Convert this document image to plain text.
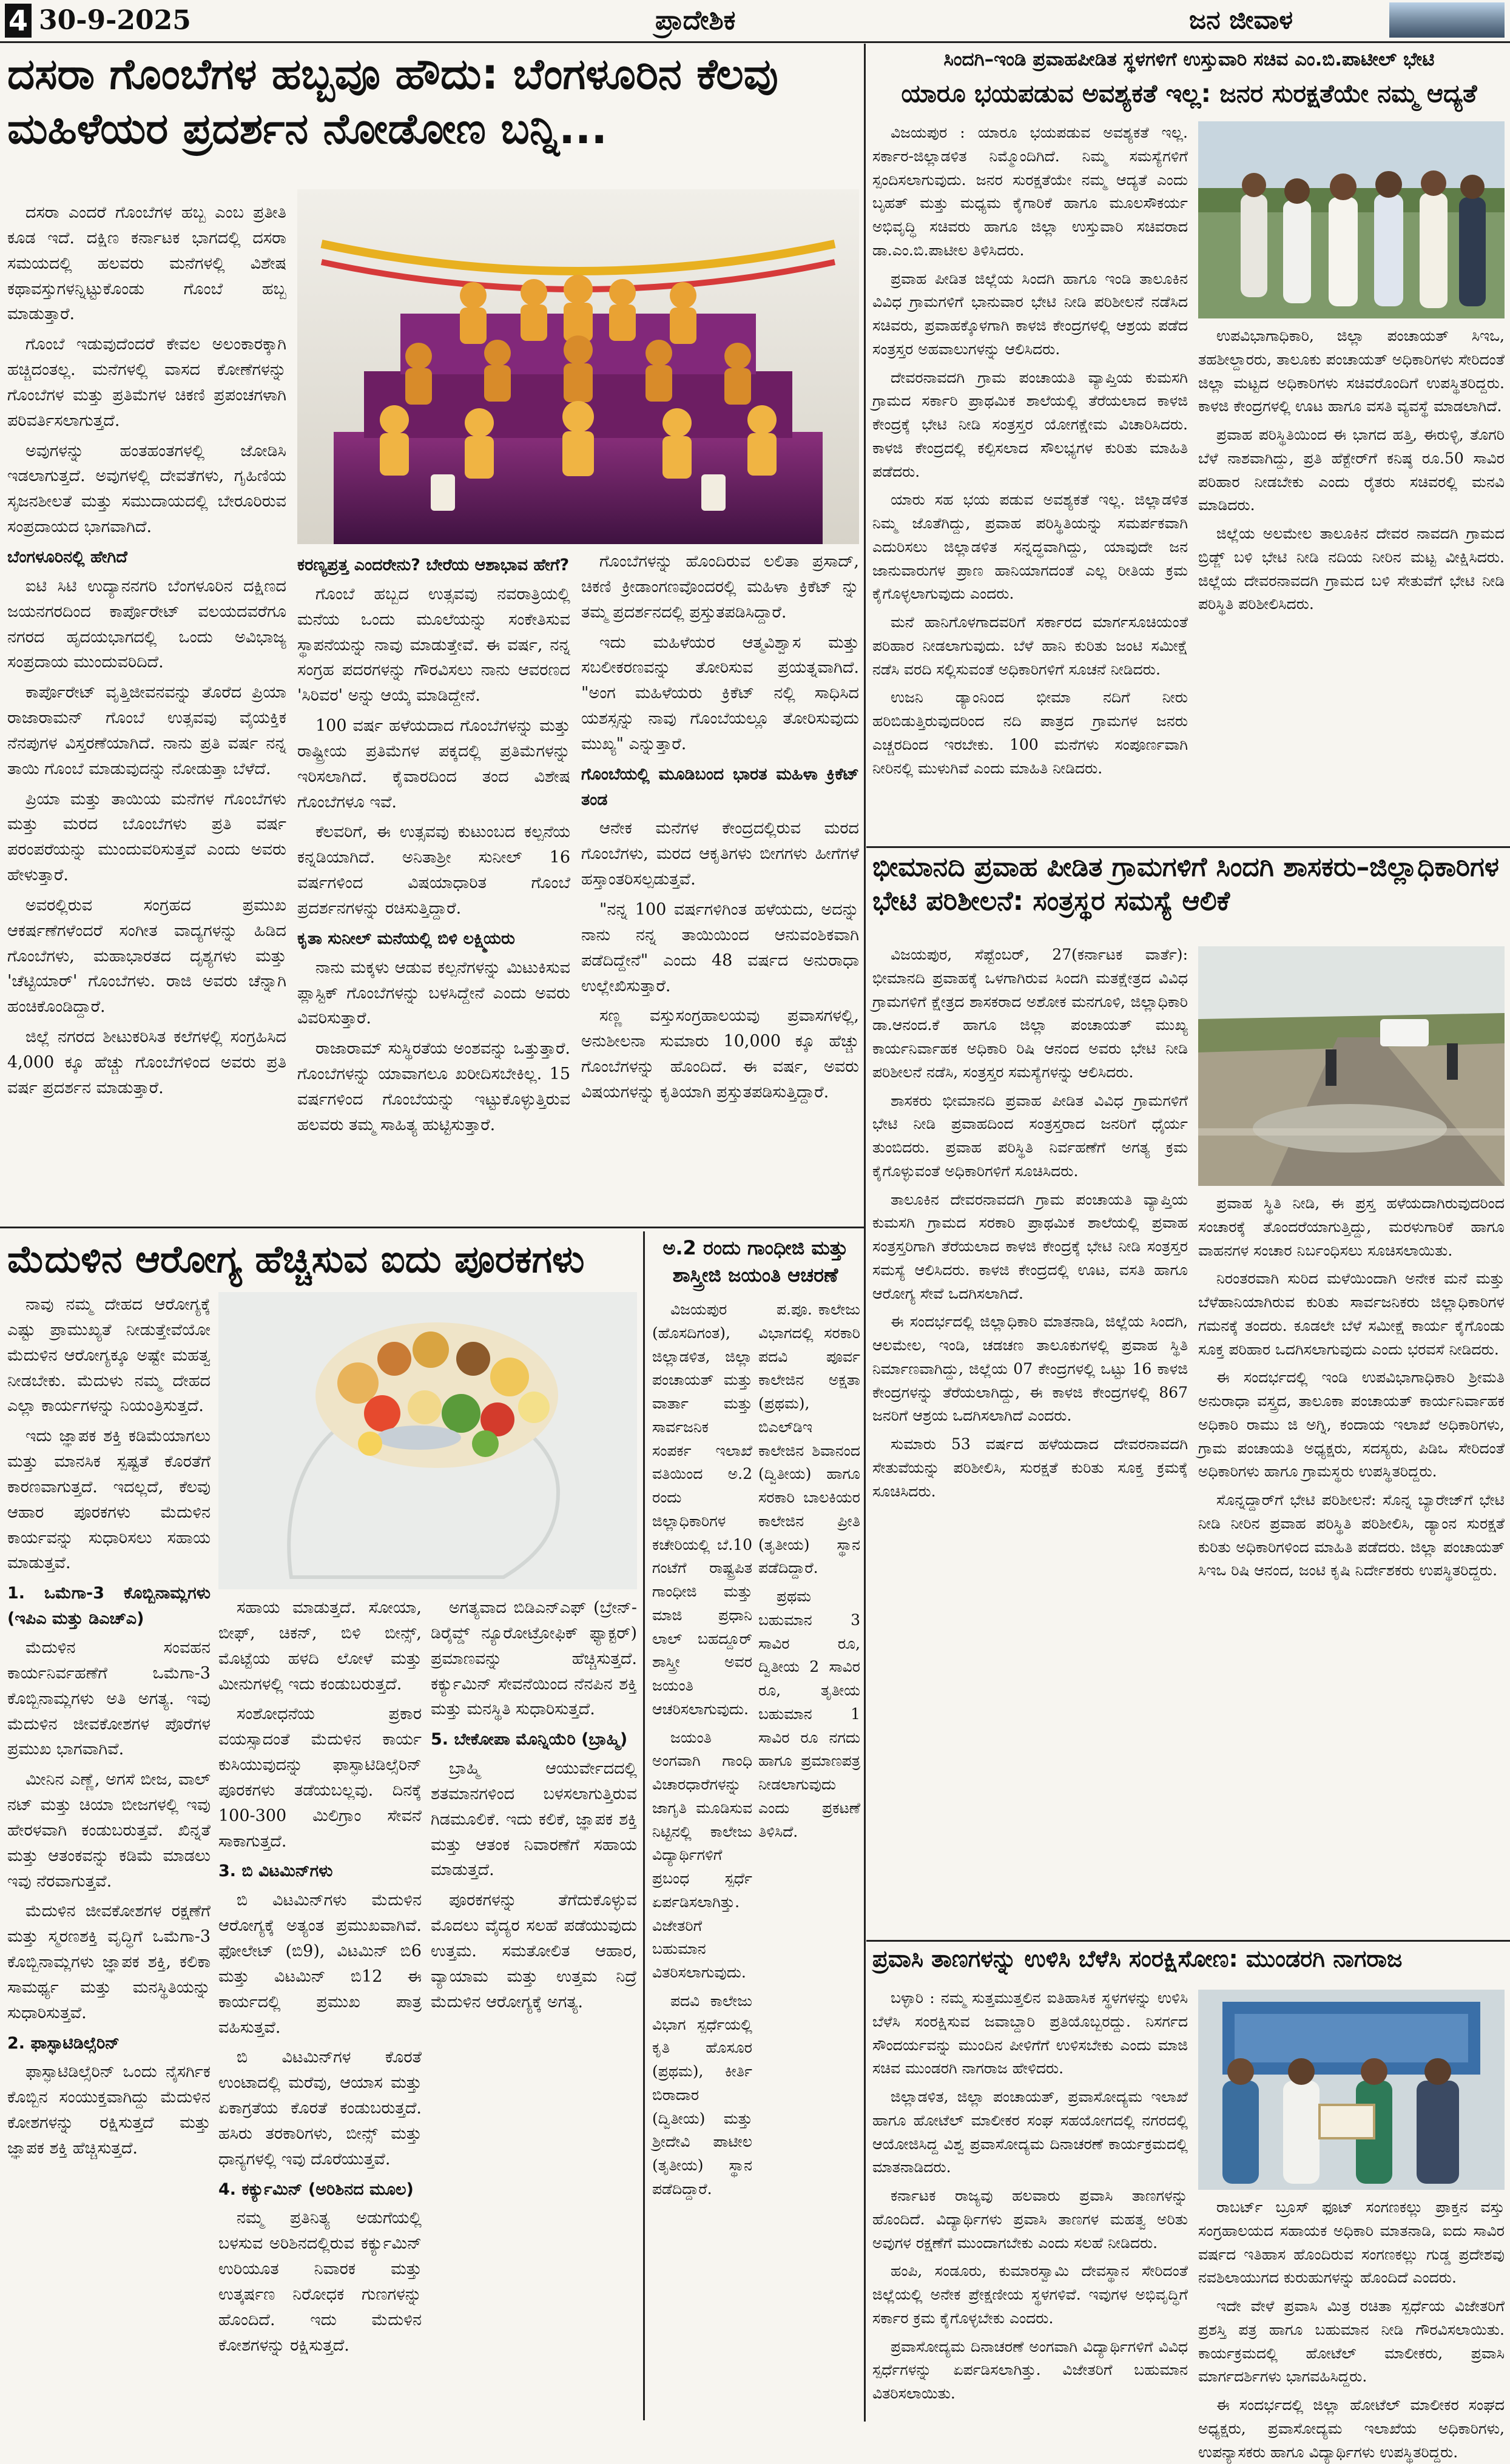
4 30-9-2025	ಪ್ರಾದೇಶಿಕ	ಜನ ಜೀವಾಳ
ದಸರಾ ಗೊಂಬೆಗಳ ಹಬ್ಬವೂ ಹೌದು: ಬೆಂಗಳೂರಿನ ಕೆಲವು ಮಹಿಳೆಯರ ಪ್ರದರ್ಶನ ನೋಡೋಣ ಬನ್ನಿ...

ದಸರಾ ಎಂದರೆ ಗೊಂಬೆಗಳ ಹಬ್ಬ ಎಂಬ ಪ್ರತೀತಿ ಕೂಡ ಇದೆ. ದಕ್ಷಿಣ ಕರ್ನಾಟಕ ಭಾಗದಲ್ಲಿ ದಸರಾ ಸಮಯದಲ್ಲಿ ಹಲವರು ಮನೆಗಳಲ್ಲಿ ವಿಶೇಷ ಕಥಾವಸ್ತುಗಳನ್ನಿಟ್ಟುಕೊಂಡು ಗೊಂಬೆ ಹಬ್ಬ ಮಾಡುತ್ತಾರೆ.

ಗೊಂಬೆ ಇಡುವುದೆಂದರೆ ಕೇವಲ ಅಲಂಕಾರಕ್ಕಾಗಿ ಹಚ್ಚಿದಂತಲ್ಲ. ಮನೆಗಳಲ್ಲಿ ವಾಸದ ಕೋಣೆಗಳನ್ನು ಗೊಂಬೆಗಳ ಮತ್ತು ಪ್ರತಿಮೆಗಳ ಚಿಕಣಿ ಪ್ರಪಂಚಗಳಾಗಿ ಪರಿವರ್ತಿಸಲಾಗುತ್ತದೆ.

ಅವುಗಳನ್ನು ಹಂತಹಂತಗಳಲ್ಲಿ ಜೋಡಿಸಿ ಇಡಲಾಗುತ್ತದೆ. ಅವುಗಳಲ್ಲಿ ದೇವತೆಗಳು, ಗೃಹಿಣಿಯ ಸೃಜನಶೀಲತೆ ಮತ್ತು ಸಮುದಾಯದಲ್ಲಿ ಬೇರೂರಿರುವ ಸಂಪ್ರದಾಯದ ಭಾಗವಾಗಿದೆ.

ಬೆಂಗಳೂರಿನಲ್ಲಿ ಹೇಗಿದೆ

ಐಟಿ ಸಿಟಿ ಉದ್ಯಾನನಗರಿ ಬೆಂಗಳೂರಿನ ದಕ್ಷಿಣದ ಜಯನಗರದಿಂದ ಕಾರ್ಪೊರೇಟ್ ವಲಯದವರೆಗೂ ನಗರದ ಹೃದಯಭಾಗದಲ್ಲಿ ಒಂದು ಅವಿಭಾಜ್ಯ ಸಂಪ್ರದಾಯ ಮುಂದುವರಿದಿದೆ.

ಕಾರ್ಪೊರೇಟ್ ವೃತ್ತಿಜೀವನವನ್ನು ತೊರೆದ ಪ್ರಿಯಾ ರಾಜಾರಾಮನ್ ಗೊಂಬೆ ಉತ್ಸವವು ವೈಯಕ್ತಿಕ ನೆನಪುಗಳ ವಿಸ್ತರಣೆಯಾಗಿದೆ. ನಾನು ಪ್ರತಿ ವರ್ಷ ನನ್ನ ತಾಯಿ ಗೊಂಬೆ ಮಾಡುವುದನ್ನು ನೋಡುತ್ತಾ ಬೆಳೆದೆ.

ಪ್ರಿಯಾ ಮತ್ತು ತಾಯಿಯ ಮನೆಗಳ ಗೊಂಬೆಗಳು ಮತ್ತು ಮರದ ಬೊಂಬೆಗಳು ಪ್ರತಿ ವರ್ಷ ಪರಂಪರೆಯನ್ನು ಮುಂದುವರಿಸುತ್ತವೆ ಎಂದು ಅವರು ಹೇಳುತ್ತಾರೆ.

ಅವರಲ್ಲಿರುವ ಸಂಗ್ರಹದ ಪ್ರಮುಖ ಆಕರ್ಷಣೆಗಳೆಂದರೆ ಸಂಗೀತ ವಾದ್ಯಗಳನ್ನು ಹಿಡಿದ ಗೊಂಬೆಗಳು, ಮಹಾಭಾರತದ ದೃಶ್ಯಗಳು ಮತ್ತು 'ಚೆಟ್ಟಿಯಾರ್' ಗೊಂಬೆಗಳು. ರಾಜಿ ಅವರು ಚೆನ್ನಾಗಿ ಹಂಚಿಕೊಂಡಿದ್ದಾರೆ.

ಜಿಲ್ಲೆ ನಗರದ ಶೀಟುಕರಿಸಿತ ಕಲೆಗಳಲ್ಲಿ ಸಂಗ್ರಹಿಸಿದ 4,000 ಕ್ಕೂ ಹೆಚ್ಚು ಗೊಂಬೆಗಳಿಂದ ಅವರು ಪ್ರತಿ ವರ್ಷ ಪ್ರದರ್ಶನ ಮಾಡುತ್ತಾರೆ.

ಕರಣ್ಯಪ್ರತ್ತ ಎಂದರೇನು? ಬೇರೆಯ ಆಶಾಭಾವ ಹೇಗೆ?

ಗೊಂಬೆ ಹಬ್ಬದ ಉತ್ಸವವು ನವರಾತ್ರಿಯಲ್ಲಿ ಮನೆಯ ಒಂದು ಮೂಲೆಯನ್ನು ಸಂಕೇತಿಸುವ ಸ್ಥಾಪನೆಯನ್ನು ನಾವು ಮಾಡುತ್ತೇವೆ. ಈ ವರ್ಷ, ನನ್ನ ಸಂಗ್ರಹ ಪದರಗಳನ್ನು ಗೌರವಿಸಲು ನಾನು ಆವರಣದ 'ಸಿರಿವರ' ಅನ್ನು ಆಯ್ಕೆ ಮಾಡಿದ್ದೇನೆ.

100 ವರ್ಷ ಹಳೆಯದಾದ ಗೊಂಬೆಗಳನ್ನು ಮತ್ತು ರಾಷ್ಟ್ರೀಯ ಪ್ರತಿಮೆಗಳ ಪಕ್ಕದಲ್ಲಿ ಪ್ರತಿಮೆಗಳನ್ನು ಇರಿಸಲಾಗಿದೆ. ಕೈವಾರದಿಂದ ತಂದ ವಿಶೇಷ ಗೊಂಬೆಗಳೂ ಇವೆ.

ಕೆಲವರಿಗೆ, ಈ ಉತ್ಸವವು ಕುಟುಂಬದ ಕಲ್ಪನೆಯ ಕನ್ನಡಿಯಾಗಿದೆ. ಅನಿತಾಶ್ರೀ ಸುನೀಲ್ 16 ವರ್ಷಗಳಿಂದ ವಿಷಯಾಧಾರಿತ ಗೊಂಬೆ ಪ್ರದರ್ಶನಗಳನ್ನು ರಚಿಸುತ್ತಿದ್ದಾರೆ.

ಕೃತಾ ಸುನೀಲ್ ಮನೆಯಲ್ಲಿ ಬಿಳಿ ಲಕ್ಷ್ಮಿಯರು

ನಾನು ಮಕ್ಕಳು ಆಡುವ ಕಲ್ಪನೆಗಳನ್ನು ಮಿಟುಕಿಸುವ ಪ್ಲಾಸ್ಟಿಕ್ ಗೊಂಬೆಗಳನ್ನು ಬಳಸಿದ್ದೇನೆ ಎಂದು ಅವರು ವಿವರಿಸುತ್ತಾರೆ.

ರಾಜಾರಾಮ್ ಸುಸ್ಥಿರತೆಯ ಅಂಶವನ್ನು ಒತ್ತುತ್ತಾರೆ. ಗೊಂಬೆಗಳನ್ನು ಯಾವಾಗಲೂ ಖರೀದಿಸಬೇಕಿಲ್ಲ. 15 ವರ್ಷಗಳಿಂದ ಗೊಂಬೆಯನ್ನು ಇಟ್ಟುಕೊಳ್ಳುತ್ತಿರುವ ಹಲವರು ತಮ್ಮ ಸಾಹಿತ್ಯ ಹುಟ್ಟಿಸುತ್ತಾರೆ.

ಗೊಂಬೆಗಳನ್ನು ಹೊಂದಿರುವ ಲಲಿತಾ ಪ್ರಸಾದ್, ಚಿಕಣಿ ಕ್ರೀಡಾಂಗಣವೊಂದರಲ್ಲಿ ಮಹಿಳಾ ಕ್ರಿಕೆಟ್ ನ್ನು ತಮ್ಮ ಪ್ರದರ್ಶನದಲ್ಲಿ ಪ್ರಸ್ತುತಪಡಿಸಿದ್ದಾರೆ.

ಇದು ಮಹಿಳೆಯರ ಆತ್ಮವಿಶ್ವಾಸ ಮತ್ತು ಸಬಲೀಕರಣವನ್ನು ತೋರಿಸುವ ಪ್ರಯತ್ನವಾಗಿದೆ. "ಅಂಗ ಮಹಿಳೆಯರು ಕ್ರಿಕೆಟ್ ನಲ್ಲಿ ಸಾಧಿಸಿದ ಯಶಸ್ಸನ್ನು ನಾವು ಗೊಂಬೆಯಲ್ಲೂ ತೋರಿಸುವುದು ಮುಖ್ಯ" ಎನ್ನುತ್ತಾರೆ.

ಗೊಂಬೆಯಲ್ಲಿ ಮೂಡಿಬಂದ ಭಾರತ ಮಹಿಳಾ ಕ್ರಿಕೆಟ್ ತಂಡ

ಆನೇಕ ಮನೆಗಳ ಕೇಂದ್ರದಲ್ಲಿರುವ ಮರದ ಗೊಂಬೆಗಳು, ಮರದ ಆಕೃತಿಗಳು ಬೀಗಗಳು ಹೀಗೆಗಳೆ ಹಸ್ತಾಂತರಿಸಲ್ಪಡುತ್ತವೆ.

"ನನ್ನ 100 ವರ್ಷಗಳಿಗಿಂತ ಹಳೆಯದು, ಅದನ್ನು ನಾನು ನನ್ನ ತಾಯಿಯಿಂದ ಆನುವಂಶಿಕವಾಗಿ ಪಡೆದಿದ್ದೇನೆ" ಎಂದು 48 ವರ್ಷದ ಅನುರಾಧಾ ಉಲ್ಲೇಖಿಸುತ್ತಾರೆ.

ಸಣ್ಣ ವಸ್ತುಸಂಗ್ರಹಾಲಯವು ಪ್ರವಾಸಗಳಲ್ಲಿ, ಅನುಶೀಲನಾ ಸುಮಾರು 10,000 ಕ್ಕೂ ಹೆಚ್ಚು ಗೊಂಬೆಗಳನ್ನು ಹೊಂದಿದೆ. ಈ ವರ್ಷ, ಅವರು ವಿಷಯಗಳನ್ನು ಕೃತಿಯಾಗಿ ಪ್ರಸ್ತುತಪಡಿಸುತ್ತಿದ್ದಾರೆ.

ಮೆದುಳಿನ ಆರೋಗ್ಯ ಹೆಚ್ಚಿಸುವ ಐದು ಪೂರಕಗಳು

ನಾವು ನಮ್ಮ ದೇಹದ ಆರೋಗ್ಯಕ್ಕೆ ಎಷ್ಟು ಪ್ರಾಮುಖ್ಯತೆ ನೀಡುತ್ತೇವೆಯೋ ಮೆದುಳಿನ ಆರೋಗ್ಯಕ್ಕೂ ಅಷ್ಟೇ ಮಹತ್ವ ನೀಡಬೇಕು. ಮೆದುಳು ನಮ್ಮ ದೇಹದ ಎಲ್ಲಾ ಕಾರ್ಯಗಳನ್ನು ನಿಯಂತ್ರಿಸುತ್ತದೆ.

ಇದು ಜ್ಞಾಪಕ ಶಕ್ತಿ ಕಡಿಮೆಯಾಗಲು ಮತ್ತು ಮಾನಸಿಕ ಸ್ಪಷ್ಟತೆ ಕೊರತೆಗೆ ಕಾರಣವಾಗುತ್ತದೆ. ಇದಲ್ಲದೆ, ಕೆಲವು ಆಹಾರ ಪೂರಕಗಳು ಮೆದುಳಿನ ಕಾರ್ಯವನ್ನು ಸುಧಾರಿಸಲು ಸಹಾಯ ಮಾಡುತ್ತವೆ.

1. ಒಮೆಗಾ-3 ಕೊಬ್ಬಿನಾಮ್ಲಗಳು (ಇಪಿಎ ಮತ್ತು ಡಿಎಚ್ಎ)

ಮೆದುಳಿನ ಸಂವಹನ ಕಾರ್ಯನಿರ್ವಹಣೆಗೆ ಒಮೆಗಾ-3 ಕೊಬ್ಬಿನಾಮ್ಲಗಳು ಅತಿ ಅಗತ್ಯ. ಇವು ಮೆದುಳಿನ ಜೀವಕೋಶಗಳ ಪೊರೆಗಳ ಪ್ರಮುಖ ಭಾಗವಾಗಿವೆ.

ಮೀನಿನ ಎಣ್ಣೆ, ಅಗಸೆ ಬೀಜ, ವಾಲ್ ನಟ್ ಮತ್ತು ಚಿಯಾ ಬೀಜಗಳಲ್ಲಿ ಇವು ಹೇರಳವಾಗಿ ಕಂಡುಬರುತ್ತವೆ. ಖಿನ್ನತೆ ಮತ್ತು ಆತಂಕವನ್ನು ಕಡಿಮೆ ಮಾಡಲು ಇವು ನೆರವಾಗುತ್ತವೆ.

ಮೆದುಳಿನ ಜೀವಕೋಶಗಳ ರಕ್ಷಣೆಗೆ ಮತ್ತು ಸ್ಮರಣಶಕ್ತಿ ವೃದ್ಧಿಗೆ ಒಮೆಗಾ-3 ಕೊಬ್ಬಿನಾಮ್ಲಗಳು ಜ್ಞಾಪಕ ಶಕ್ತಿ, ಕಲಿಕಾ ಸಾಮರ್ಥ್ಯ ಮತ್ತು ಮನಸ್ಥಿತಿಯನ್ನು ಸುಧಾರಿಸುತ್ತವೆ.

2. ಫಾಸ್ಫಾಟಿಡಿಲ್ಸೆರಿನ್

ಫಾಸ್ಫಾಟಿಡಿಲ್ಸೆರಿನ್ ಒಂದು ನೈಸರ್ಗಿಕ ಕೊಬ್ಬಿನ ಸಂಯುಕ್ತವಾಗಿದ್ದು ಮೆದುಳಿನ ಕೋಶಗಳನ್ನು ರಕ್ಷಿಸುತ್ತದೆ ಮತ್ತು ಜ್ಞಾಪಕ ಶಕ್ತಿ ಹೆಚ್ಚಿಸುತ್ತದೆ.

ಸಹಾಯ ಮಾಡುತ್ತದೆ. ಸೋಯಾ, ಬೀಫ್, ಚಿಕನ್, ಬಿಳಿ ಬೀನ್ಸ್, ಮೊಟ್ಟೆಯ ಹಳದಿ ಲೋಳೆ ಮತ್ತು ಮೀನುಗಳಲ್ಲಿ ಇದು ಕಂಡುಬರುತ್ತದೆ.

ಸಂಶೋಧನೆಯ ಪ್ರಕಾರ ವಯಸ್ಸಾದಂತೆ ಮೆದುಳಿನ ಕಾರ್ಯ ಕುಸಿಯುವುದನ್ನು ಫಾಸ್ಫಾಟಿಡಿಲ್ಸೆರಿನ್ ಪೂರಕಗಳು ತಡೆಯಬಲ್ಲವು. ದಿನಕ್ಕೆ 100-300 ಮಿಲಿಗ್ರಾಂ ಸೇವನೆ ಸಾಕಾಗುತ್ತದೆ.

3. ಬಿ ವಿಟಮಿನ್‌ಗಳು

ಬಿ ವಿಟಮಿನ್‌ಗಳು ಮೆದುಳಿನ ಆರೋಗ್ಯಕ್ಕೆ ಅತ್ಯಂತ ಪ್ರಮುಖವಾಗಿವೆ. ಫೋಲೇಟ್ (ಬಿ9), ವಿಟಮಿನ್ ಬಿ6 ಮತ್ತು ವಿಟಮಿನ್ ಬಿ12 ಈ ಕಾರ್ಯದಲ್ಲಿ ಪ್ರಮುಖ ಪಾತ್ರ ವಹಿಸುತ್ತವೆ.

ಬಿ ವಿಟಮಿನ್‌ಗಳ ಕೊರತೆ ಉಂಟಾದಲ್ಲಿ ಮರೆವು, ಆಯಾಸ ಮತ್ತು ಏಕಾಗ್ರತೆಯ ಕೊರತೆ ಕಂಡುಬರುತ್ತದೆ. ಹಸಿರು ತರಕಾರಿಗಳು, ಬೀನ್ಸ್ ಮತ್ತು ಧಾನ್ಯಗಳಲ್ಲಿ ಇವು ದೊರೆಯುತ್ತವೆ.

4. ಕರ್ಕ್ಯುಮಿನ್ (ಅರಿಶಿನದ ಮೂಲ)

ನಮ್ಮ ಪ್ರತಿನಿತ್ಯ ಅಡುಗೆಯಲ್ಲಿ ಬಳಸುವ ಅರಿಶಿನದಲ್ಲಿರುವ ಕರ್ಕ್ಯುಮಿನ್ ಉರಿಯೂತ ನಿವಾರಕ ಮತ್ತು ಉತ್ಕರ್ಷಣ ನಿರೋಧಕ ಗುಣಗಳನ್ನು ಹೊಂದಿದೆ. ಇದು ಮೆದುಳಿನ ಕೋಶಗಳನ್ನು ರಕ್ಷಿಸುತ್ತದೆ.

ಅಗತ್ಯವಾದ ಬಿಡಿಎನ್ಎಫ್ (ಬ್ರೇನ್-ಡಿರೈವ್ಡ್ ನ್ಯೂರೋಟ್ರೋಫಿಕ್ ಫ್ಯಾಕ್ಟರ್) ಪ್ರಮಾಣವನ್ನು ಹೆಚ್ಚಿಸುತ್ತದೆ. ಕರ್ಕ್ಯುಮಿನ್ ಸೇವನೆಯಿಂದ ನೆನಪಿನ ಶಕ್ತಿ ಮತ್ತು ಮನಸ್ಥಿತಿ ಸುಧಾರಿಸುತ್ತದೆ.

5. ಬೇಕೋಪಾ ಮೊನ್ನಿಯೆರಿ (ಬ್ರಾಹ್ಮಿ)

ಬ್ರಾಹ್ಮಿ ಆಯುರ್ವೇದದಲ್ಲಿ ಶತಮಾನಗಳಿಂದ ಬಳಸಲಾಗುತ್ತಿರುವ ಗಿಡಮೂಲಿಕೆ. ಇದು ಕಲಿಕೆ, ಜ್ಞಾಪಕ ಶಕ್ತಿ ಮತ್ತು ಆತಂಕ ನಿವಾರಣೆಗೆ ಸಹಾಯ ಮಾಡುತ್ತದೆ.

ಪೂರಕಗಳನ್ನು ತೆಗೆದುಕೊಳ್ಳುವ ಮೊದಲು ವೈದ್ಯರ ಸಲಹೆ ಪಡೆಯುವುದು ಉತ್ತಮ. ಸಮತೋಲಿತ ಆಹಾರ, ವ್ಯಾಯಾಮ ಮತ್ತು ಉತ್ತಮ ನಿದ್ರೆ ಮೆದುಳಿನ ಆರೋಗ್ಯಕ್ಕೆ ಅಗತ್ಯ.

ಅ.2 ರಂದು ಗಾಂಧೀಜಿ ಮತ್ತು ಶಾಸ್ತ್ರೀಜಿ ಜಯಂತಿ ಆಚರಣೆ

ವಿಜಯಪುರ (ಹೊಸದಿಗಂತ), ಜಿಲ್ಲಾಡಳಿತ, ಜಿಲ್ಲಾ ಪಂಚಾಯತ್ ಮತ್ತು ವಾರ್ತಾ ಮತ್ತು ಸಾರ್ವಜನಿಕ ಸಂಪರ್ಕ ಇಲಾಖೆ ವತಿಯಿಂದ ಅ.2 ರಂದು ಜಿಲ್ಲಾಧಿಕಾರಿಗಳ ಕಚೇರಿಯಲ್ಲಿ ಬೆ.10 ಗಂಟೆಗೆ ರಾಷ್ಟ್ರಪಿತ ಗಾಂಧೀಜಿ ಮತ್ತು ಮಾಜಿ ಪ್ರಧಾನಿ ಲಾಲ್ ಬಹದ್ದೂರ್ ಶಾಸ್ತ್ರೀ ಅವರ ಜಯಂತಿ ಆಚರಿಸಲಾಗುವುದು.

ಜಯಂತಿ ಅಂಗವಾಗಿ ಗಾಂಧಿ ವಿಚಾರಧಾರೆಗಳನ್ನು ಜಾಗೃತಿ ಮೂಡಿಸುವ ನಿಟ್ಟಿನಲ್ಲಿ ಕಾಲೇಜು ವಿದ್ಯಾರ್ಥಿಗಳಿಗೆ ಪ್ರಬಂಧ ಸ್ಪರ್ಧೆ ಏರ್ಪಡಿಸಲಾಗಿತ್ತು. ವಿಜೇತರಿಗೆ ಬಹುಮಾನ ವಿತರಿಸಲಾಗುವುದು.

ಪದವಿ ಕಾಲೇಜು ವಿಭಾಗ ಸ್ಪರ್ಧೆಯಲ್ಲಿ ಕೃತಿ ಹೊಸೂರ (ಪ್ರಥಮ), ಕೀರ್ತಿ ಬಿರಾದಾರ (ದ್ವಿತೀಯ) ಮತ್ತು ಶ್ರೀದೇವಿ ಪಾಟೀಲ (ತೃತೀಯ) ಸ್ಥಾನ ಪಡೆದಿದ್ದಾರೆ.

ಪ.ಪೂ. ಕಾಲೇಜು ವಿಭಾಗದಲ್ಲಿ ಸರಕಾರಿ ಪದವಿ ಪೂರ್ವ ಕಾಲೇಜಿನ ಅಕ್ಷತಾ (ಪ್ರಥಮ), ಬಿಎಲ್‌ಡಿಇ ಕಾಲೇಜಿನ ಶಿವಾನಂದ (ದ್ವಿತೀಯ) ಹಾಗೂ ಸರಕಾರಿ ಬಾಲಕಿಯರ ಕಾಲೇಜಿನ ಪ್ರೀತಿ (ತೃತೀಯ) ಸ್ಥಾನ ಪಡೆದಿದ್ದಾರೆ.

ಪ್ರಥಮ ಬಹುಮಾನ 3 ಸಾವಿರ ರೂ, ದ್ವಿತೀಯ 2 ಸಾವಿರ ರೂ, ತೃತೀಯ ಬಹುಮಾನ 1 ಸಾವಿರ ರೂ ನಗದು ಹಾಗೂ ಪ್ರಮಾಣಪತ್ರ ನೀಡಲಾಗುವುದು ಎಂದು ಪ್ರಕಟಣೆ ತಿಳಿಸಿದೆ.

ಸಿಂದಗಿ–ಇಂಡಿ ಪ್ರವಾಹಪೀಡಿತ ಸ್ಥಳಗಳಿಗೆ ಉಸ್ತುವಾರಿ ಸಚಿವ ಎಂ.ಬಿ.ಪಾಟೀಲ್ ಭೇಟಿ
ಯಾರೂ ಭಯಪಡುವ ಅವಶ್ಯಕತೆ ಇಲ್ಲ: ಜನರ ಸುರಕ್ಷತೆಯೇ ನಮ್ಮ ಆದ್ಯತೆ

ವಿಜಯಪುರ : ಯಾರೂ ಭಯಪಡುವ ಅವಶ್ಯಕತೆ ಇಲ್ಲ. ಸರ್ಕಾರ-ಜಿಲ್ಲಾಡಳಿತ ನಿಮ್ಮೊಂದಿಗಿದೆ. ನಿಮ್ಮ ಸಮಸ್ಯೆಗಳಿಗೆ ಸ್ಪಂದಿಸಲಾಗುವುದು. ಜನರ ಸುರಕ್ಷತೆಯೇ ನಮ್ಮ ಆದ್ಯತೆ ಎಂದು ಬೃಹತ್ ಮತ್ತು ಮಧ್ಯಮ ಕೈಗಾರಿಕೆ ಹಾಗೂ ಮೂಲಸೌಕರ್ಯ ಅಭಿವೃದ್ಧಿ ಸಚಿವರು ಹಾಗೂ ಜಿಲ್ಲಾ ಉಸ್ತುವಾರಿ ಸಚಿವರಾದ ಡಾ.ಎಂ.ಬಿ.ಪಾಟೀಲ ತಿಳಿಸಿದರು.

ಪ್ರವಾಹ ಪೀಡಿತ ಜಿಲ್ಲೆಯ ಸಿಂದಗಿ ಹಾಗೂ ಇಂಡಿ ತಾಲೂಕಿನ ವಿವಿಧ ಗ್ರಾಮಗಳಿಗೆ ಭಾನುವಾರ ಭೇಟಿ ನೀಡಿ ಪರಿಶೀಲನೆ ನಡೆಸಿದ ಸಚಿವರು, ಪ್ರವಾಹಕ್ಕೊಳಗಾಗಿ ಕಾಳಜಿ ಕೇಂದ್ರಗಳಲ್ಲಿ ಆಶ್ರಯ ಪಡೆದ ಸಂತ್ರಸ್ತರ ಅಹವಾಲುಗಳನ್ನು ಆಲಿಸಿದರು.

ದೇವರನಾವದಗಿ ಗ್ರಾಮ ಪಂಚಾಯತಿ ವ್ಯಾಪ್ತಿಯ ಕುಮಸಗಿ ಗ್ರಾಮದ ಸರ್ಕಾರಿ ಪ್ರಾಥಮಿಕ ಶಾಲೆಯಲ್ಲಿ ತೆರೆಯಲಾದ ಕಾಳಜಿ ಕೇಂದ್ರಕ್ಕೆ ಭೇಟಿ ನೀಡಿ ಸಂತ್ರಸ್ತರ ಯೋಗಕ್ಷೇಮ ವಿಚಾರಿಸಿದರು. ಕಾಳಜಿ ಕೇಂದ್ರದಲ್ಲಿ ಕಲ್ಪಿಸಲಾದ ಸೌಲಭ್ಯಗಳ ಕುರಿತು ಮಾಹಿತಿ ಪಡೆದರು.

ಯಾರು ಸಹ ಭಯ ಪಡುವ ಅವಶ್ಯಕತೆ ಇಲ್ಲ. ಜಿಲ್ಲಾಡಳಿತ ನಿಮ್ಮ ಜೊತೆಗಿದ್ದು, ಪ್ರವಾಹ ಪರಿಸ್ಥಿತಿಯನ್ನು ಸಮರ್ಪಕವಾಗಿ ಎದುರಿಸಲು ಜಿಲ್ಲಾಡಳಿತ ಸನ್ನದ್ಧವಾಗಿದ್ದು, ಯಾವುದೇ ಜನ ಜಾನುವಾರುಗಳ ಪ್ರಾಣ ಹಾನಿಯಾಗದಂತೆ ಎಲ್ಲ ರೀತಿಯ ಕ್ರಮ ಕೈಗೊಳ್ಳಲಾಗುವುದು ಎಂದರು.

ಮನೆ ಹಾನಿಗೊಳಗಾದವರಿಗೆ ಸರ್ಕಾರದ ಮಾರ್ಗಸೂಚಿಯಂತೆ ಪರಿಹಾರ ನೀಡಲಾಗುವುದು. ಬೆಳೆ ಹಾನಿ ಕುರಿತು ಜಂಟಿ ಸಮೀಕ್ಷೆ ನಡೆಸಿ ವರದಿ ಸಲ್ಲಿಸುವಂತೆ ಅಧಿಕಾರಿಗಳಿಗೆ ಸೂಚನೆ ನೀಡಿದರು.

ಉಜನಿ ಡ್ಯಾಂನಿಂದ ಭೀಮಾ ನದಿಗೆ ನೀರು ಹರಿಬಿಡುತ್ತಿರುವುದರಿಂದ ನದಿ ಪಾತ್ರದ ಗ್ರಾಮಗಳ ಜನರು ಎಚ್ಚರದಿಂದ ಇರಬೇಕು. 100 ಮನೆಗಳು ಸಂಪೂರ್ಣವಾಗಿ ನೀರಿನಲ್ಲಿ ಮುಳುಗಿವೆ ಎಂದು ಮಾಹಿತಿ ನೀಡಿದರು.

ಉಪವಿಭಾಗಾಧಿಕಾರಿ, ಜಿಲ್ಲಾ ಪಂಚಾಯತ್ ಸಿಇಒ, ತಹಶೀಲ್ದಾರರು, ತಾಲೂಕು ಪಂಚಾಯತ್ ಅಧಿಕಾರಿಗಳು ಸೇರಿದಂತೆ ಜಿಲ್ಲಾ ಮಟ್ಟದ ಅಧಿಕಾರಿಗಳು ಸಚಿವರೊಂದಿಗೆ ಉಪಸ್ಥಿತರಿದ್ದರು. ಕಾಳಜಿ ಕೇಂದ್ರಗಳಲ್ಲಿ ಊಟ ಹಾಗೂ ವಸತಿ ವ್ಯವಸ್ಥೆ ಮಾಡಲಾಗಿದೆ.

ಪ್ರವಾಹ ಪರಿಸ್ಥಿತಿಯಿಂದ ಈ ಭಾಗದ ಹತ್ತಿ, ಈರುಳ್ಳಿ, ತೊಗರಿ ಬೆಳೆ ನಾಶವಾಗಿದ್ದು, ಪ್ರತಿ ಹೆಕ್ಟೇರ್‌ಗೆ ಕನಿಷ್ಠ ರೂ.50 ಸಾವಿರ ಪರಿಹಾರ ನೀಡಬೇಕು ಎಂದು ರೈತರು ಸಚಿವರಲ್ಲಿ ಮನವಿ ಮಾಡಿದರು.

ಜಿಲ್ಲೆಯ ಅಲಮೇಲ ತಾಲೂಕಿನ ದೇವರ ನಾವದಗಿ ಗ್ರಾಮದ ಬ್ರಿಡ್ಜ್ ಬಳಿ ಭೇಟಿ ನೀಡಿ ನದಿಯ ನೀರಿನ ಮಟ್ಟ ವೀಕ್ಷಿಸಿದರು. ಜಿಲ್ಲೆಯ ದೇವರನಾವದಗಿ ಗ್ರಾಮದ ಬಳಿ ಸೇತುವೆಗೆ ಭೇಟಿ ನೀಡಿ ಪರಿಸ್ಥಿತಿ ಪರಿಶೀಲಿಸಿದರು.

ಭೀಮಾನದಿ ಪ್ರವಾಹ ಪೀಡಿತ ಗ್ರಾಮಗಳಿಗೆ ಸಿಂದಗಿ ಶಾಸಕರು–ಜಿಲ್ಲಾಧಿಕಾರಿಗಳ ಭೇಟಿ ಪರಿಶೀಲನೆ: ಸಂತ್ರಸ್ಥರ ಸಮಸ್ಯೆ ಆಲಿಕೆ

ವಿಜಯಪುರ, ಸೆಪ್ಟೆಂಬರ್, 27(ಕರ್ನಾಟಕ ವಾರ್ತೆ): ಭೀಮಾನದಿ ಪ್ರವಾಹಕ್ಕೆ ಒಳಗಾಗಿರುವ ಸಿಂದಗಿ ಮತಕ್ಷೇತ್ರದ ವಿವಿಧ ಗ್ರಾಮಗಳಿಗೆ ಕ್ಷೇತ್ರದ ಶಾಸಕರಾದ ಅಶೋಕ ಮನಗೂಳಿ, ಜಿಲ್ಲಾಧಿಕಾರಿ ಡಾ.ಆನಂದ.ಕೆ ಹಾಗೂ ಜಿಲ್ಲಾ ಪಂಚಾಯತ್ ಮುಖ್ಯ ಕಾರ್ಯನಿರ್ವಾಹಕ ಅಧಿಕಾರಿ ರಿಷಿ ಆನಂದ ಅವರು ಭೇಟಿ ನೀಡಿ ಪರಿಶೀಲನೆ ನಡೆಸಿ, ಸಂತ್ರಸ್ತರ ಸಮಸ್ಯೆಗಳನ್ನು ಆಲಿಸಿದರು.

ಶಾಸಕರು ಭೀಮಾನದಿ ಪ್ರವಾಹ ಪೀಡಿತ ವಿವಿಧ ಗ್ರಾಮಗಳಿಗೆ ಭೇಟಿ ನೀಡಿ ಪ್ರವಾಹದಿಂದ ಸಂತ್ರಸ್ತರಾದ ಜನರಿಗೆ ಧೈರ್ಯ ತುಂಬಿದರು. ಪ್ರವಾಹ ಪರಿಸ್ಥಿತಿ ನಿರ್ವಹಣೆಗೆ ಅಗತ್ಯ ಕ್ರಮ ಕೈಗೊಳ್ಳುವಂತೆ ಅಧಿಕಾರಿಗಳಿಗೆ ಸೂಚಿಸಿದರು.

ತಾಲೂಕಿನ ದೇವರನಾವದಗಿ ಗ್ರಾಮ ಪಂಚಾಯತಿ ವ್ಯಾಪ್ತಿಯ ಕುಮಸಗಿ ಗ್ರಾಮದ ಸರಕಾರಿ ಪ್ರಾಥಮಿಕ ಶಾಲೆಯಲ್ಲಿ ಪ್ರವಾಹ ಸಂತ್ರಸ್ತರಿಗಾಗಿ ತೆರೆಯಲಾದ ಕಾಳಜಿ ಕೇಂದ್ರಕ್ಕೆ ಭೇಟಿ ನೀಡಿ ಸಂತ್ರಸ್ತರ ಸಮಸ್ಯೆ ಆಲಿಸಿದರು. ಕಾಳಜಿ ಕೇಂದ್ರದಲ್ಲಿ ಊಟ, ವಸತಿ ಹಾಗೂ ಆರೋಗ್ಯ ಸೇವೆ ಒದಗಿಸಲಾಗಿದೆ.

ಈ ಸಂದರ್ಭದಲ್ಲಿ ಜಿಲ್ಲಾಧಿಕಾರಿ ಮಾತನಾಡಿ, ಜಿಲ್ಲೆಯ ಸಿಂದಗಿ, ಆಲಮೇಲ, ಇಂಡಿ, ಚಡಚಣ ತಾಲೂಕುಗಳಲ್ಲಿ ಪ್ರವಾಹ ಸ್ಥಿತಿ ನಿರ್ಮಾಣವಾಗಿದ್ದು, ಜಿಲ್ಲೆಯ 07 ಕೇಂದ್ರಗಳಲ್ಲಿ ಒಟ್ಟು 16 ಕಾಳಜಿ ಕೇಂದ್ರಗಳನ್ನು ತೆರೆಯಲಾಗಿದ್ದು, ಈ ಕಾಳಜಿ ಕೇಂದ್ರಗಳಲ್ಲಿ 867 ಜನರಿಗೆ ಆಶ್ರಯ ಒದಗಿಸಲಾಗಿದೆ ಎಂದರು.

ಸುಮಾರು 53 ವರ್ಷದ ಹಳೆಯದಾದ ದೇವರನಾವದಗಿ ಸೇತುವೆಯನ್ನು ಪರಿಶೀಲಿಸಿ, ಸುರಕ್ಷತೆ ಕುರಿತು ಸೂಕ್ತ ಕ್ರಮಕ್ಕೆ ಸೂಚಿಸಿದರು.

ಪ್ರವಾಹ ಸ್ಥಿತಿ ನೀಡಿ, ಈ ಪ್ರಸ್ತ ಹಳೆಯದಾಗಿರುವುದರಿಂದ ಸಂಚಾರಕ್ಕೆ ತೊಂದರೆಯಾಗುತ್ತಿದ್ದು, ಮರಳುಗಾರಿಕೆ ಹಾಗೂ ವಾಹನಗಳ ಸಂಚಾರ ನಿರ್ಬಂಧಿಸಲು ಸೂಚಿಸಲಾಯಿತು.

ನಿರಂತರವಾಗಿ ಸುರಿದ ಮಳೆಯಿಂದಾಗಿ ಅನೇಕ ಮನೆ ಮತ್ತು ಬೆಳೆಹಾನಿಯಾಗಿರುವ ಕುರಿತು ಸಾರ್ವಜನಿಕರು ಜಿಲ್ಲಾಧಿಕಾರಿಗಳ ಗಮನಕ್ಕೆ ತಂದರು. ಕೂಡಲೇ ಬೆಳೆ ಸಮೀಕ್ಷೆ ಕಾರ್ಯ ಕೈಗೊಂಡು ಸೂಕ್ತ ಪರಿಹಾರ ಒದಗಿಸಲಾಗುವುದು ಎಂದು ಭರವಸೆ ನೀಡಿದರು.

ಈ ಸಂದರ್ಭದಲ್ಲಿ ಇಂಡಿ ಉಪವಿಭಾಗಾಧಿಕಾರಿ ಶ್ರೀಮತಿ ಅನುರಾಧಾ ವಸ್ತ್ರದ, ತಾಲೂಕಾ ಪಂಚಾಯತ್ ಕಾರ್ಯನಿರ್ವಾಹಕ ಅಧಿಕಾರಿ ರಾಮು ಜಿ ಅಗ್ನಿ, ಕಂದಾಯ ಇಲಾಖೆ ಅಧಿಕಾರಿಗಳು, ಗ್ರಾಮ ಪಂಚಾಯತಿ ಅಧ್ಯಕ್ಷರು, ಸದಸ್ಯರು, ಪಿಡಿಒ ಸೇರಿದಂತೆ ಅಧಿಕಾರಿಗಳು ಹಾಗೂ ಗ್ರಾಮಸ್ಥರು ಉಪಸ್ಥಿತರಿದ್ದರು.

ಸೊನ್ನದ್ದಾರ್‌ಗೆ ಭೇಟಿ ಪರಿಶೀಲನೆ: ಸೊನ್ನ ಬ್ಯಾರೇಜ್‌ಗೆ ಭೇಟಿ ನೀಡಿ ನೀರಿನ ಪ್ರವಾಹ ಪರಿಸ್ಥಿತಿ ಪರಿಶೀಲಿಸಿ, ಡ್ಯಾಂನ ಸುರಕ್ಷತೆ ಕುರಿತು ಅಧಿಕಾರಿಗಳಿಂದ ಮಾಹಿತಿ ಪಡೆದರು. ಜಿಲ್ಲಾ ಪಂಚಾಯತ್ ಸಿಇಒ ರಿಷಿ ಆನಂದ, ಜಂಟಿ ಕೃಷಿ ನಿರ್ದೇಶಕರು ಉಪಸ್ಥಿತರಿದ್ದರು.

ಪ್ರವಾಸಿ ತಾಣಗಳನ್ನು ಉಳಿಸಿ ಬೆಳೆಸಿ ಸಂರಕ್ಷಿಸೋಣ: ಮುಂಡರಗಿ ನಾಗರಾಜ

ಬಳ್ಳಾರಿ : ನಮ್ಮ ಸುತ್ತಮುತ್ತಲಿನ ಐತಿಹಾಸಿಕ ಸ್ಥಳಗಳನ್ನು ಉಳಿಸಿ ಬೆಳೆಸಿ ಸಂರಕ್ಷಿಸುವ ಜವಾಬ್ದಾರಿ ಪ್ರತಿಯೊಬ್ಬರದ್ದು. ನಿಸರ್ಗದ ಸೌಂದರ್ಯವನ್ನು ಮುಂದಿನ ಪೀಳಿಗೆಗೆ ಉಳಿಸಬೇಕು ಎಂದು ಮಾಜಿ ಸಚಿವ ಮುಂಡರಗಿ ನಾಗರಾಜ ಹೇಳಿದರು.

ಜಿಲ್ಲಾಡಳಿತ, ಜಿಲ್ಲಾ ಪಂಚಾಯತ್, ಪ್ರವಾಸೋದ್ಯಮ ಇಲಾಖೆ ಹಾಗೂ ಹೋಟೆಲ್ ಮಾಲೀಕರ ಸಂಘ ಸಹಯೋಗದಲ್ಲಿ ನಗರದಲ್ಲಿ ಆಯೋಜಿಸಿದ್ದ ವಿಶ್ವ ಪ್ರವಾಸೋದ್ಯಮ ದಿನಾಚರಣೆ ಕಾರ್ಯಕ್ರಮದಲ್ಲಿ ಮಾತನಾಡಿದರು.

ಕರ್ನಾಟಕ ರಾಜ್ಯವು ಹಲವಾರು ಪ್ರವಾಸಿ ತಾಣಗಳನ್ನು ಹೊಂದಿದೆ. ವಿದ್ಯಾರ್ಥಿಗಳು ಪ್ರವಾಸಿ ತಾಣಗಳ ಮಹತ್ವ ಅರಿತು ಅವುಗಳ ರಕ್ಷಣೆಗೆ ಮುಂದಾಗಬೇಕು ಎಂದು ಸಲಹೆ ನೀಡಿದರು.

ಹಂಪಿ, ಸಂಡೂರು, ಕುಮಾರಸ್ವಾಮಿ ದೇವಸ್ಥಾನ ಸೇರಿದಂತೆ ಜಿಲ್ಲೆಯಲ್ಲಿ ಅನೇಕ ಪ್ರೇಕ್ಷಣೀಯ ಸ್ಥಳಗಳಿವೆ. ಇವುಗಳ ಅಭಿವೃದ್ಧಿಗೆ ಸರ್ಕಾರ ಕ್ರಮ ಕೈಗೊಳ್ಳಬೇಕು ಎಂದರು.

ಪ್ರವಾಸೋದ್ಯಮ ದಿನಾಚರಣೆ ಅಂಗವಾಗಿ ವಿದ್ಯಾರ್ಥಿಗಳಿಗೆ ವಿವಿಧ ಸ್ಪರ್ಧೆಗಳನ್ನು ಏರ್ಪಡಿಸಲಾಗಿತ್ತು. ವಿಜೇತರಿಗೆ ಬಹುಮಾನ ವಿತರಿಸಲಾಯಿತು.

ರಾಬರ್ಟ್ ಬ್ರೂಸ್ ಫೂಟ್ ಸಂಗಣಕಲ್ಲು ಪ್ರಾಕ್ತನ ವಸ್ತು ಸಂಗ್ರಹಾಲಯದ ಸಹಾಯಕ ಅಧಿಕಾರಿ ಮಾತನಾಡಿ, ಐದು ಸಾವಿರ ವರ್ಷದ ಇತಿಹಾಸ ಹೊಂದಿರುವ ಸಂಗಣಕಲ್ಲು ಗುಡ್ಡ ಪ್ರದೇಶವು ನವಶಿಲಾಯುಗದ ಕುರುಹುಗಳನ್ನು ಹೊಂದಿದೆ ಎಂದರು.

ಇದೇ ವೇಳೆ ಪ್ರವಾಸಿ ಮಿತ್ರ ರಚಿತಾ ಸ್ಪರ್ಧೆಯ ವಿಜೇತರಿಗೆ ಪ್ರಶಸ್ತಿ ಪತ್ರ ಹಾಗೂ ಬಹುಮಾನ ನೀಡಿ ಗೌರವಿಸಲಾಯಿತು. ಕಾರ್ಯಕ್ರಮದಲ್ಲಿ ಹೋಟೆಲ್ ಮಾಲೀಕರು, ಪ್ರವಾಸಿ ಮಾರ್ಗದರ್ಶಿಗಳು ಭಾಗವಹಿಸಿದ್ದರು.

ಈ ಸಂದರ್ಭದಲ್ಲಿ ಜಿಲ್ಲಾ ಹೋಟೆಲ್ ಮಾಲೀಕರ ಸಂಘದ ಅಧ್ಯಕ್ಷರು, ಪ್ರವಾಸೋದ್ಯಮ ಇಲಾಖೆಯ ಅಧಿಕಾರಿಗಳು, ಉಪನ್ಯಾಸಕರು ಹಾಗೂ ವಿದ್ಯಾರ್ಥಿಗಳು ಉಪಸ್ಥಿತರಿದ್ದರು.
